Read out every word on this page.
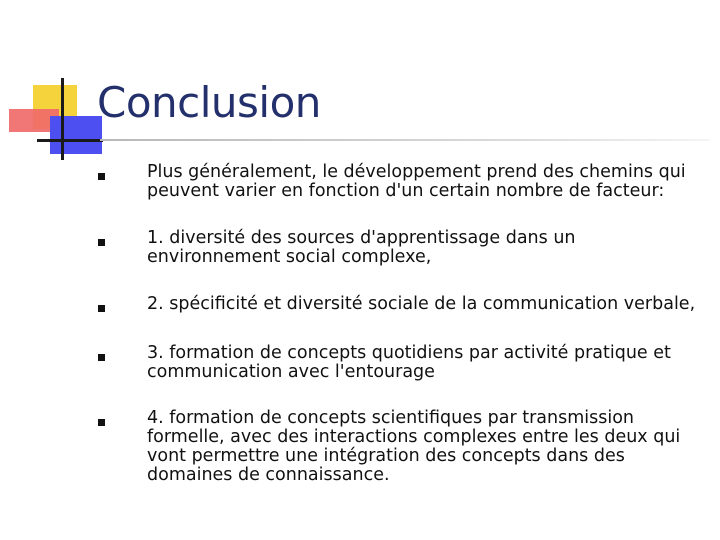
Conclusion
Plus généralement, le développement prend des chemins qui peuvent varier en fonction d'un certain nombre de facteur:
1. diversité des sources d'apprentissage dans un environnement social complexe,
2. spécificité et diversité sociale de la communication verbale,
3. formation de concepts quotidiens par activité pratique et communication avec l'entourage
4. formation de concepts scientifiques par transmission formelle, avec des interactions complexes entre les deux qui vont permettre une intégration des concepts dans des domaines de connaissance.
